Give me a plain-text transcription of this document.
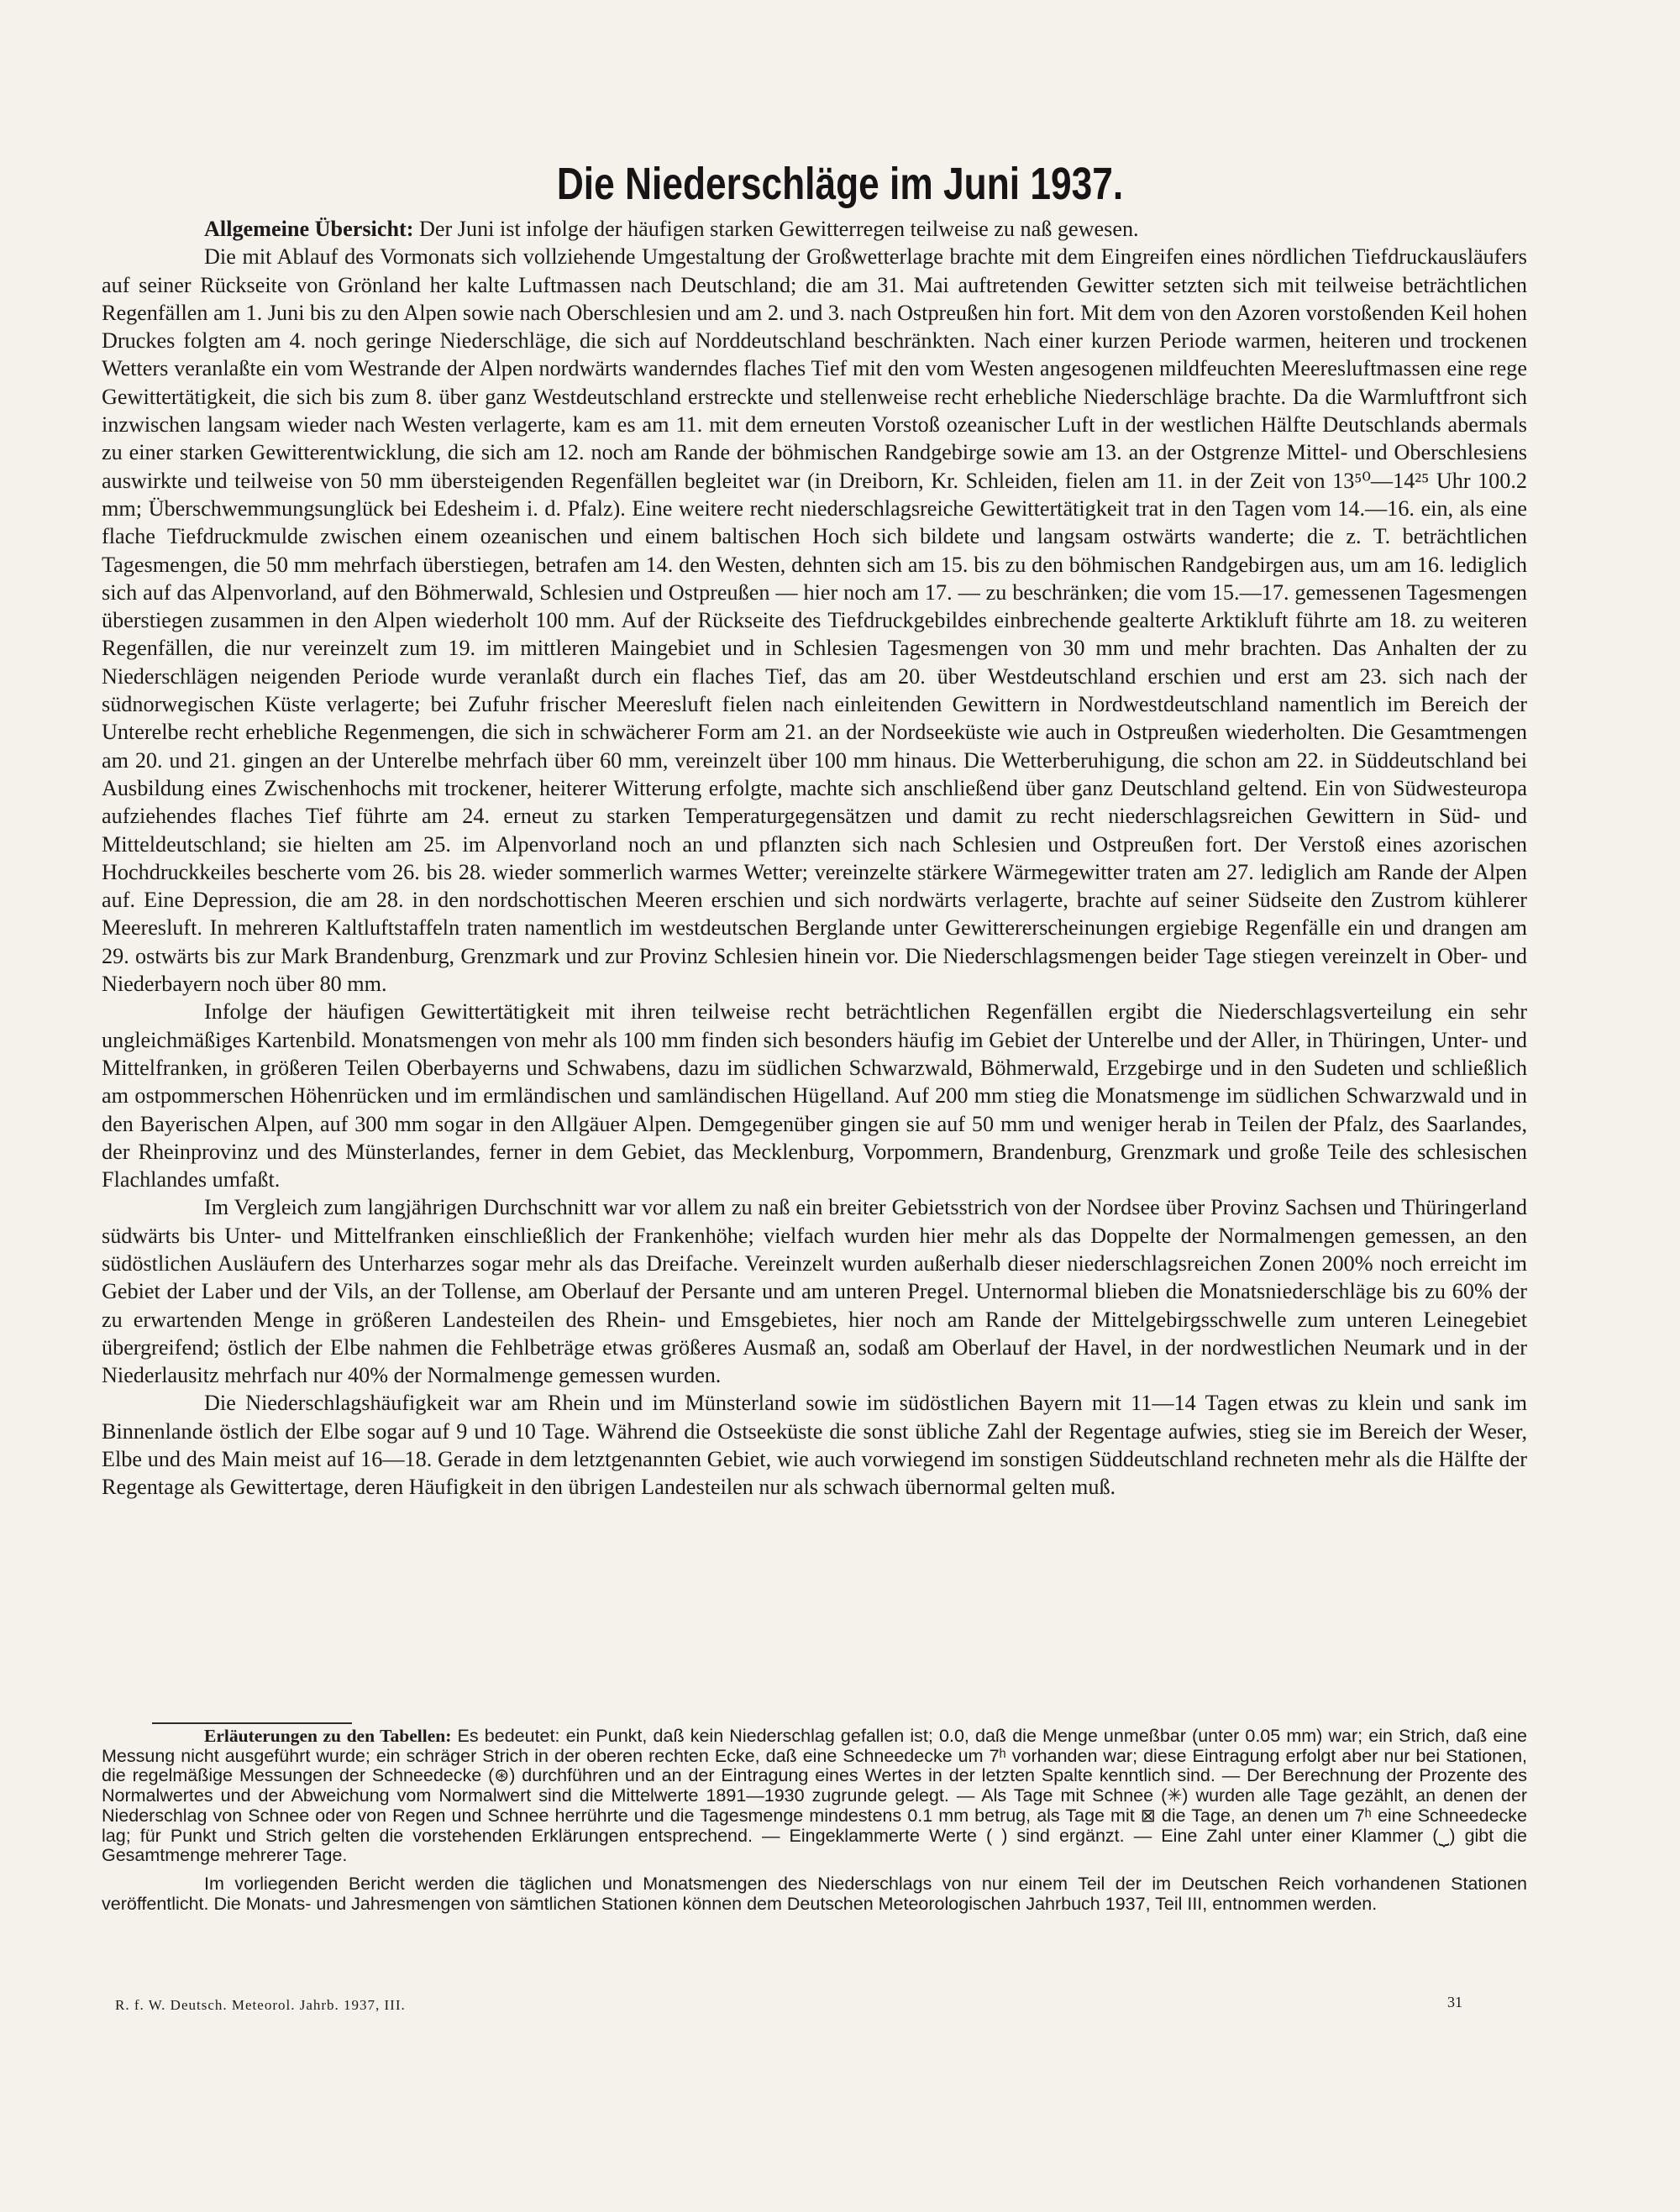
Die Niederschläge im Juni 1937.

Allgemeine Übersicht: Der Juni ist infolge der häufigen starken Gewitterregen teilweise zu naß gewesen.

Die mit Ablauf des Vormonats sich vollziehende Umgestaltung der Großwetterlage brachte mit dem Eingreifen eines nördlichen Tiefdruckausläufers auf seiner Rückseite von Grönland her kalte Luftmassen nach Deutschland; die am 31. Mai auftretenden Gewitter setzten sich mit teilweise beträchtlichen Regenfällen am 1. Juni bis zu den Alpen sowie nach Oberschlesien und am 2. und 3. nach Ostpreußen hin fort. Mit dem von den Azoren vorstoßenden Keil hohen Druckes folgten am 4. noch geringe Niederschläge, die sich auf Norddeutschland beschränkten. Nach einer kurzen Periode warmen, heiteren und trockenen Wetters veranlaßte ein vom Westrande der Alpen nordwärts wanderndes flaches Tief mit den vom Westen angesogenen mildfeuchten Meeresluftmassen eine rege Gewittertätigkeit, die sich bis zum 8. über ganz Westdeutschland erstreckte und stellenweise recht erhebliche Niederschläge brachte. Da die Warmluftfront sich inzwischen langsam wieder nach Westen verlagerte, kam es am 11. mit dem erneuten Vorstoß ozeanischer Luft in der westlichen Hälfte Deutschlands abermals zu einer starken Gewitterentwicklung, die sich am 12. noch am Rande der böhmischen Randgebirge sowie am 13. an der Ostgrenze Mittel- und Oberschlesiens auswirkte und teilweise von 50 mm übersteigenden Regenfällen begleitet war (in Dreiborn, Kr. Schleiden, fielen am 11. in der Zeit von 13⁵⁰—14²⁵ Uhr 100.2 mm; Überschwemmungsunglück bei Edesheim i. d. Pfalz). Eine weitere recht niederschlagsreiche Gewittertätigkeit trat in den Tagen vom 14.—16. ein, als eine flache Tiefdruckmulde zwischen einem ozeanischen und einem baltischen Hoch sich bildete und langsam ostwärts wanderte; die z. T. beträchtlichen Tagesmengen, die 50 mm mehrfach überstiegen, betrafen am 14. den Westen, dehnten sich am 15. bis zu den böhmischen Randgebirgen aus, um am 16. lediglich sich auf das Alpenvorland, auf den Böhmerwald, Schlesien und Ostpreußen — hier noch am 17. — zu beschränken; die vom 15.—17. gemessenen Tagesmengen überstiegen zusammen in den Alpen wiederholt 100 mm. Auf der Rückseite des Tiefdruckgebildes einbrechende gealterte Arktikluft führte am 18. zu weiteren Regenfällen, die nur vereinzelt zum 19. im mittleren Maingebiet und in Schlesien Tagesmengen von 30 mm und mehr brachten. Das Anhalten der zu Niederschlägen neigenden Periode wurde veranlaßt durch ein flaches Tief, das am 20. über Westdeutschland erschien und erst am 23. sich nach der südnorwegischen Küste verlagerte; bei Zufuhr frischer Meeresluft fielen nach einleitenden Gewittern in Nordwestdeutschland namentlich im Bereich der Unterelbe recht erhebliche Regenmengen, die sich in schwächerer Form am 21. an der Nordseeküste wie auch in Ostpreußen wiederholten. Die Gesamtmengen am 20. und 21. gingen an der Unterelbe mehrfach über 60 mm, vereinzelt über 100 mm hinaus. Die Wetterberuhigung, die schon am 22. in Süddeutschland bei Ausbildung eines Zwischenhochs mit trockener, heiterer Witterung erfolgte, machte sich anschließend über ganz Deutschland geltend. Ein von Südwesteuropa aufziehendes flaches Tief führte am 24. erneut zu starken Temperaturgegensätzen und damit zu recht niederschlagsreichen Gewittern in Süd- und Mitteldeutschland; sie hielten am 25. im Alpenvorland noch an und pflanzten sich nach Schlesien und Ostpreußen fort. Der Verstoß eines azorischen Hochdruckkeiles bescherte vom 26. bis 28. wieder sommerlich warmes Wetter; vereinzelte stärkere Wärmegewitter traten am 27. lediglich am Rande der Alpen auf. Eine Depression, die am 28. in den nordschottischen Meeren erschien und sich nordwärts verlagerte, brachte auf seiner Südseite den Zustrom kühlerer Meeresluft. In mehreren Kaltluftstaffeln traten namentlich im westdeutschen Berglande unter Gewittererscheinungen ergiebige Regenfälle ein und drangen am 29. ostwärts bis zur Mark Brandenburg, Grenzmark und zur Provinz Schlesien hinein vor. Die Niederschlagsmengen beider Tage stiegen vereinzelt in Ober- und Niederbayern noch über 80 mm.

Infolge der häufigen Gewittertätigkeit mit ihren teilweise recht beträchtlichen Regenfällen ergibt die Niederschlagsverteilung ein sehr ungleichmäßiges Kartenbild. Monatsmengen von mehr als 100 mm finden sich besonders häufig im Gebiet der Unterelbe und der Aller, in Thüringen, Unter- und Mittelfranken, in größeren Teilen Oberbayerns und Schwabens, dazu im südlichen Schwarzwald, Böhmerwald, Erzgebirge und in den Sudeten und schließlich am ostpommerschen Höhenrücken und im ermländischen und samländischen Hügelland. Auf 200 mm stieg die Monatsmenge im südlichen Schwarzwald und in den Bayerischen Alpen, auf 300 mm sogar in den Allgäuer Alpen. Demgegenüber gingen sie auf 50 mm und weniger herab in Teilen der Pfalz, des Saarlandes, der Rheinprovinz und des Münsterlandes, ferner in dem Gebiet, das Mecklenburg, Vorpommern, Brandenburg, Grenzmark und große Teile des schlesischen Flachlandes umfaßt.

Im Vergleich zum langjährigen Durchschnitt war vor allem zu naß ein breiter Gebietsstrich von der Nordsee über Provinz Sachsen und Thüringerland südwärts bis Unter- und Mittelfranken einschließlich der Frankenhöhe; vielfach wurden hier mehr als das Doppelte der Normalmengen gemessen, an den südöstlichen Ausläufern des Unterharzes sogar mehr als das Dreifache. Vereinzelt wurden außerhalb dieser niederschlagsreichen Zonen 200% noch erreicht im Gebiet der Laber und der Vils, an der Tollense, am Oberlauf der Persante und am unteren Pregel. Unternormal blieben die Monatsniederschläge bis zu 60% der zu erwartenden Menge in größeren Landesteilen des Rhein- und Emsgebietes, hier noch am Rande der Mittelgebirgsschwelle zum unteren Leinegebiet übergreifend; östlich der Elbe nahmen die Fehlbeträge etwas größeres Ausmaß an, sodaß am Oberlauf der Havel, in der nordwestlichen Neumark und in der Niederlausitz mehrfach nur 40% der Normalmenge gemessen wurden.

Die Niederschlagshäufigkeit war am Rhein und im Münsterland sowie im südöstlichen Bayern mit 11—14 Tagen etwas zu klein und sank im Binnenlande östlich der Elbe sogar auf 9 und 10 Tage. Während die Ostseeküste die sonst übliche Zahl der Regentage aufwies, stieg sie im Bereich der Weser, Elbe und des Main meist auf 16—18. Gerade in dem letztgenannten Gebiet, wie auch vorwiegend im sonstigen Süddeutschland rechneten mehr als die Hälfte der Regentage als Gewittertage, deren Häufigkeit in den übrigen Landesteilen nur als schwach übernormal gelten muß.

Erläuterungen zu den Tabellen: Es bedeutet: ein Punkt, daß kein Niederschlag gefallen ist; 0.0, daß die Menge unmeßbar (unter 0.05 mm) war; ein Strich, daß eine Messung nicht ausgeführt wurde; ein schräger Strich in der oberen rechten Ecke, daß eine Schneedecke um 7ʰ vorhanden war; diese Eintragung erfolgt aber nur bei Stationen, die regelmäßige Messungen der Schneedecke (⊛) durchführen und an der Eintragung eines Wertes in der letzten Spalte kenntlich sind. — Der Berechnung der Prozente des Normalwertes und der Abweichung vom Normalwert sind die Mittelwerte 1891—1930 zugrunde gelegt. — Als Tage mit Schnee (✳) wurden alle Tage gezählt, an denen der Niederschlag von Schnee oder von Regen und Schnee herrührte und die Tagesmenge mindestens 0.1 mm betrug, als Tage mit ⊠ die Tage, an denen um 7ʰ eine Schneedecke lag; für Punkt und Strich gelten die vorstehenden Erklärungen entsprechend. — Eingeklammerte Werte ( ) sind ergänzt. — Eine Zahl unter einer Klammer (⏟) gibt die Gesamtmenge mehrerer Tage.

Im vorliegenden Bericht werden die täglichen und Monatsmengen des Niederschlags von nur einem Teil der im Deutschen Reich vorhandenen Stationen veröffentlicht. Die Monats- und Jahresmengen von sämtlichen Stationen können dem Deutschen Meteorologischen Jahrbuch 1937, Teil III, entnommen werden.

R. f. W. Deutsch. Meteorol. Jahrb. 1937, III.	31
